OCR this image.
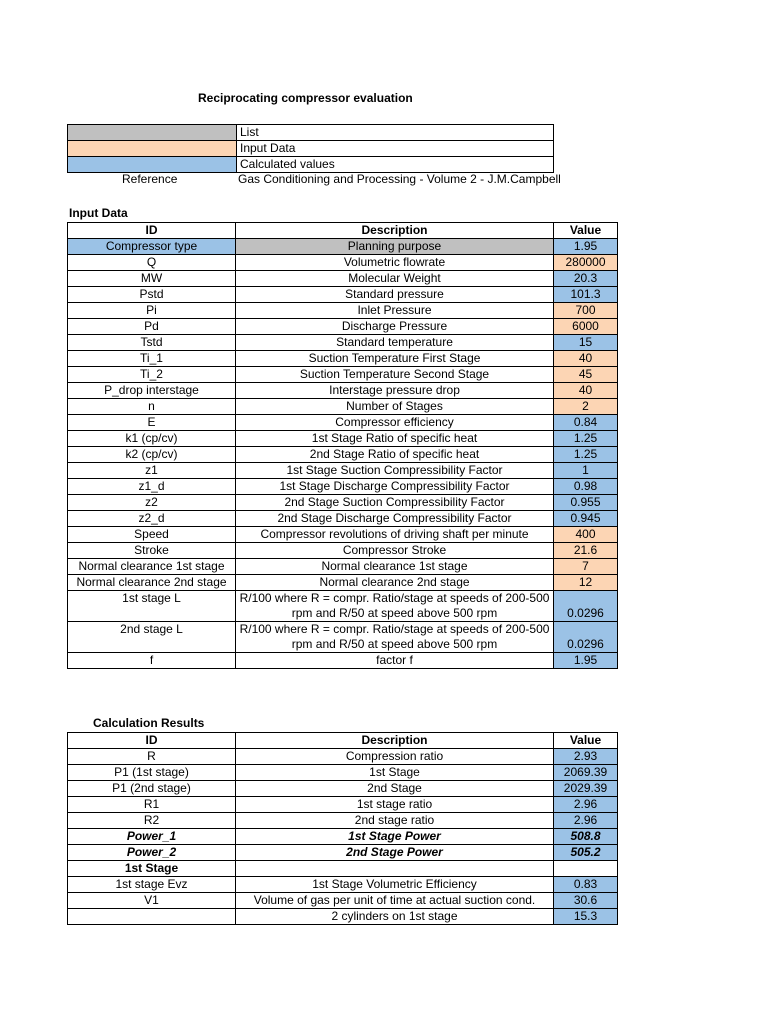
Reciprocating compressor evaluation
	List
	Input Data
	Calculated values
Reference	Gas Conditioning and Processing - Volume 2 - J.M.Campbell
Input Data
ID	Description	Value
Compressor type	Planning purpose	1.95
Q	Volumetric flowrate	280000
MW	Molecular Weight	20.3
Pstd	Standard pressure	101.3
Pi	Inlet Pressure	700
Pd	Discharge Pressure	6000
Tstd	Standard temperature	15
Ti_1	Suction Temperature First Stage	40
Ti_2	Suction Temperature Second Stage	45
P_drop interstage	Interstage pressure drop	40
n	Number of Stages	2
E	Compressor efficiency	0.84
k1 (cp/cv)	1st Stage Ratio of specific heat	1.25
k2 (cp/cv)	2nd Stage Ratio of specific heat	1.25
z1	1st Stage Suction Compressibility Factor	1
z1_d	1st Stage Discharge Compressibility Factor	0.98
z2	2nd Stage Suction Compressibility Factor	0.955
z2_d	2nd Stage Discharge Compressibility Factor	0.945
Speed	Compressor revolutions of driving shaft per minute	400
Stroke	Compressor Stroke	21.6
Normal clearance 1st stage	Normal clearance 1st stage	7
Normal clearance 2nd stage	Normal clearance 2nd stage	12
1st stage L	R/100 where R = compr. Ratio/stage at speeds of 200-500 rpm and R/50 at speed above 500 rpm	0.0296
2nd stage L	R/100 where R = compr. Ratio/stage at speeds of 200-500 rpm and R/50 at speed above 500 rpm	0.0296
f	factor f	1.95
Calculation Results
ID	Description	Value
R	Compression ratio	2.93
P1 (1st stage)	1st Stage	2069.39
P1 (2nd stage)	2nd Stage	2029.39
R1	1st stage ratio	2.96
R2	2nd stage ratio	2.96
Power_1	1st Stage Power	508.8
Power_2	2nd Stage Power	505.2
1st Stage		
1st stage Evz	1st Stage Volumetric Efficiency	0.83
V1	Volume of gas per unit of time at actual suction cond.	30.6
	2 cylinders on 1st stage	15.3
